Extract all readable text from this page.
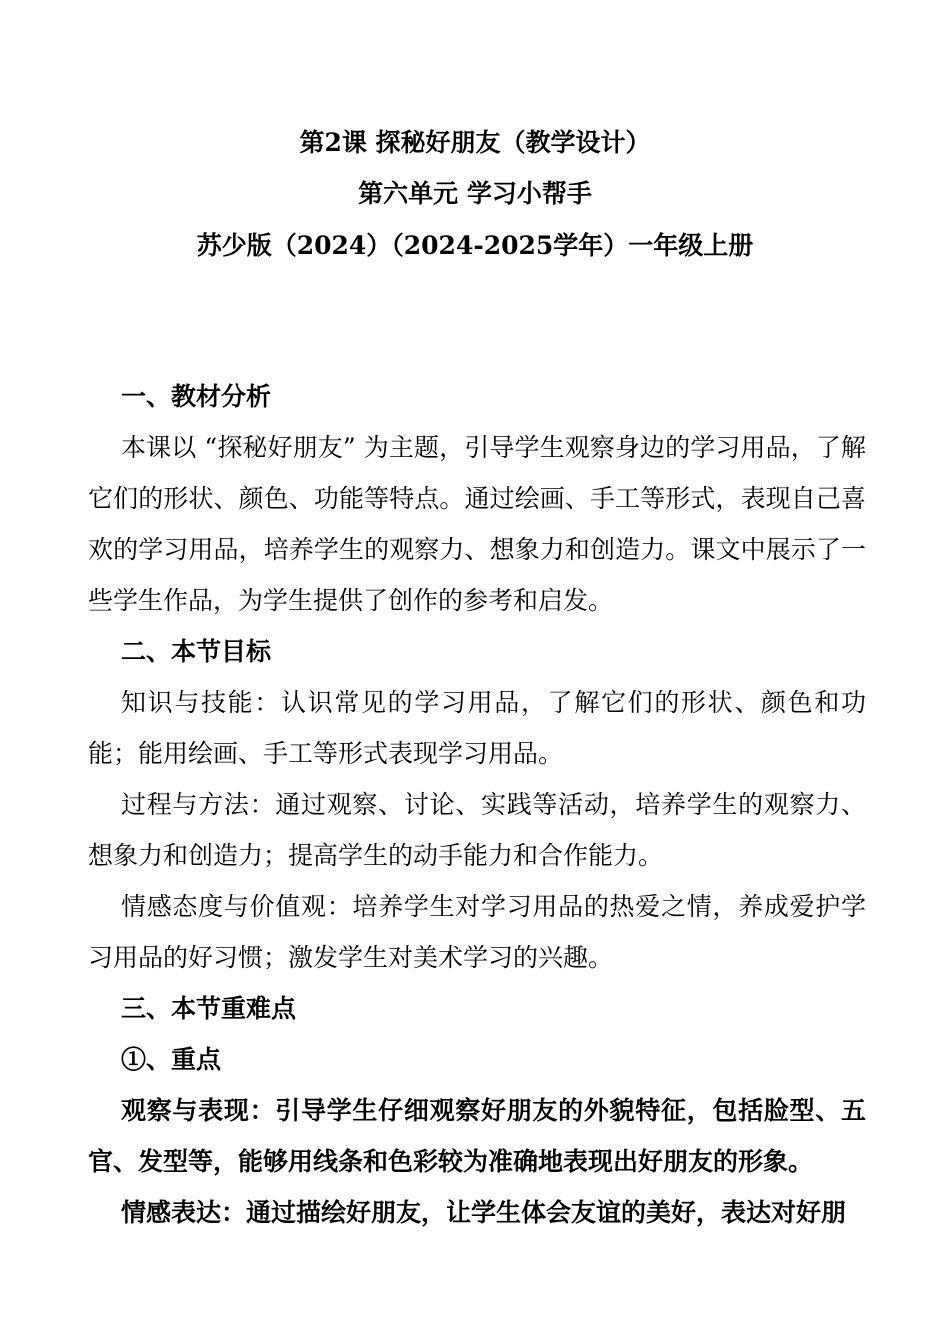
第2课 探秘好朋友（教学设计）
第六单元 学习小帮手
苏少版（2024）（2024-2025学年）一年级上册

一、教材分析

本课以 “探秘好朋友” 为主题，引导学生观察身边的学习用品，了解它们的形状、颜色、功能等特点。通过绘画、手工等形式，表现自己喜欢的学习用品，培养学生的观察力、想象力和创造力。课文中展示了一些学生作品，为学生提供了创作的参考和启发。

二、本节目标

知识与技能：认识常见的学习用品，了解它们的形状、颜色和功能；能用绘画、手工等形式表现学习用品。

过程与方法：通过观察、讨论、实践等活动，培养学生的观察力、想象力和创造力；提高学生的动手能力和合作能力。

情感态度与价值观：培养学生对学习用品的热爱之情，养成爱护学习用品的好习惯；激发学生对美术学习的兴趣。

三、本节重难点

①、重点

观察与表现：引导学生仔细观察好朋友的外貌特征，包括脸型、五官、发型等，能够用线条和色彩较为准确地表现出好朋友的形象。

情感表达：通过描绘好朋友，让学生体会友谊的美好，表达对好朋
